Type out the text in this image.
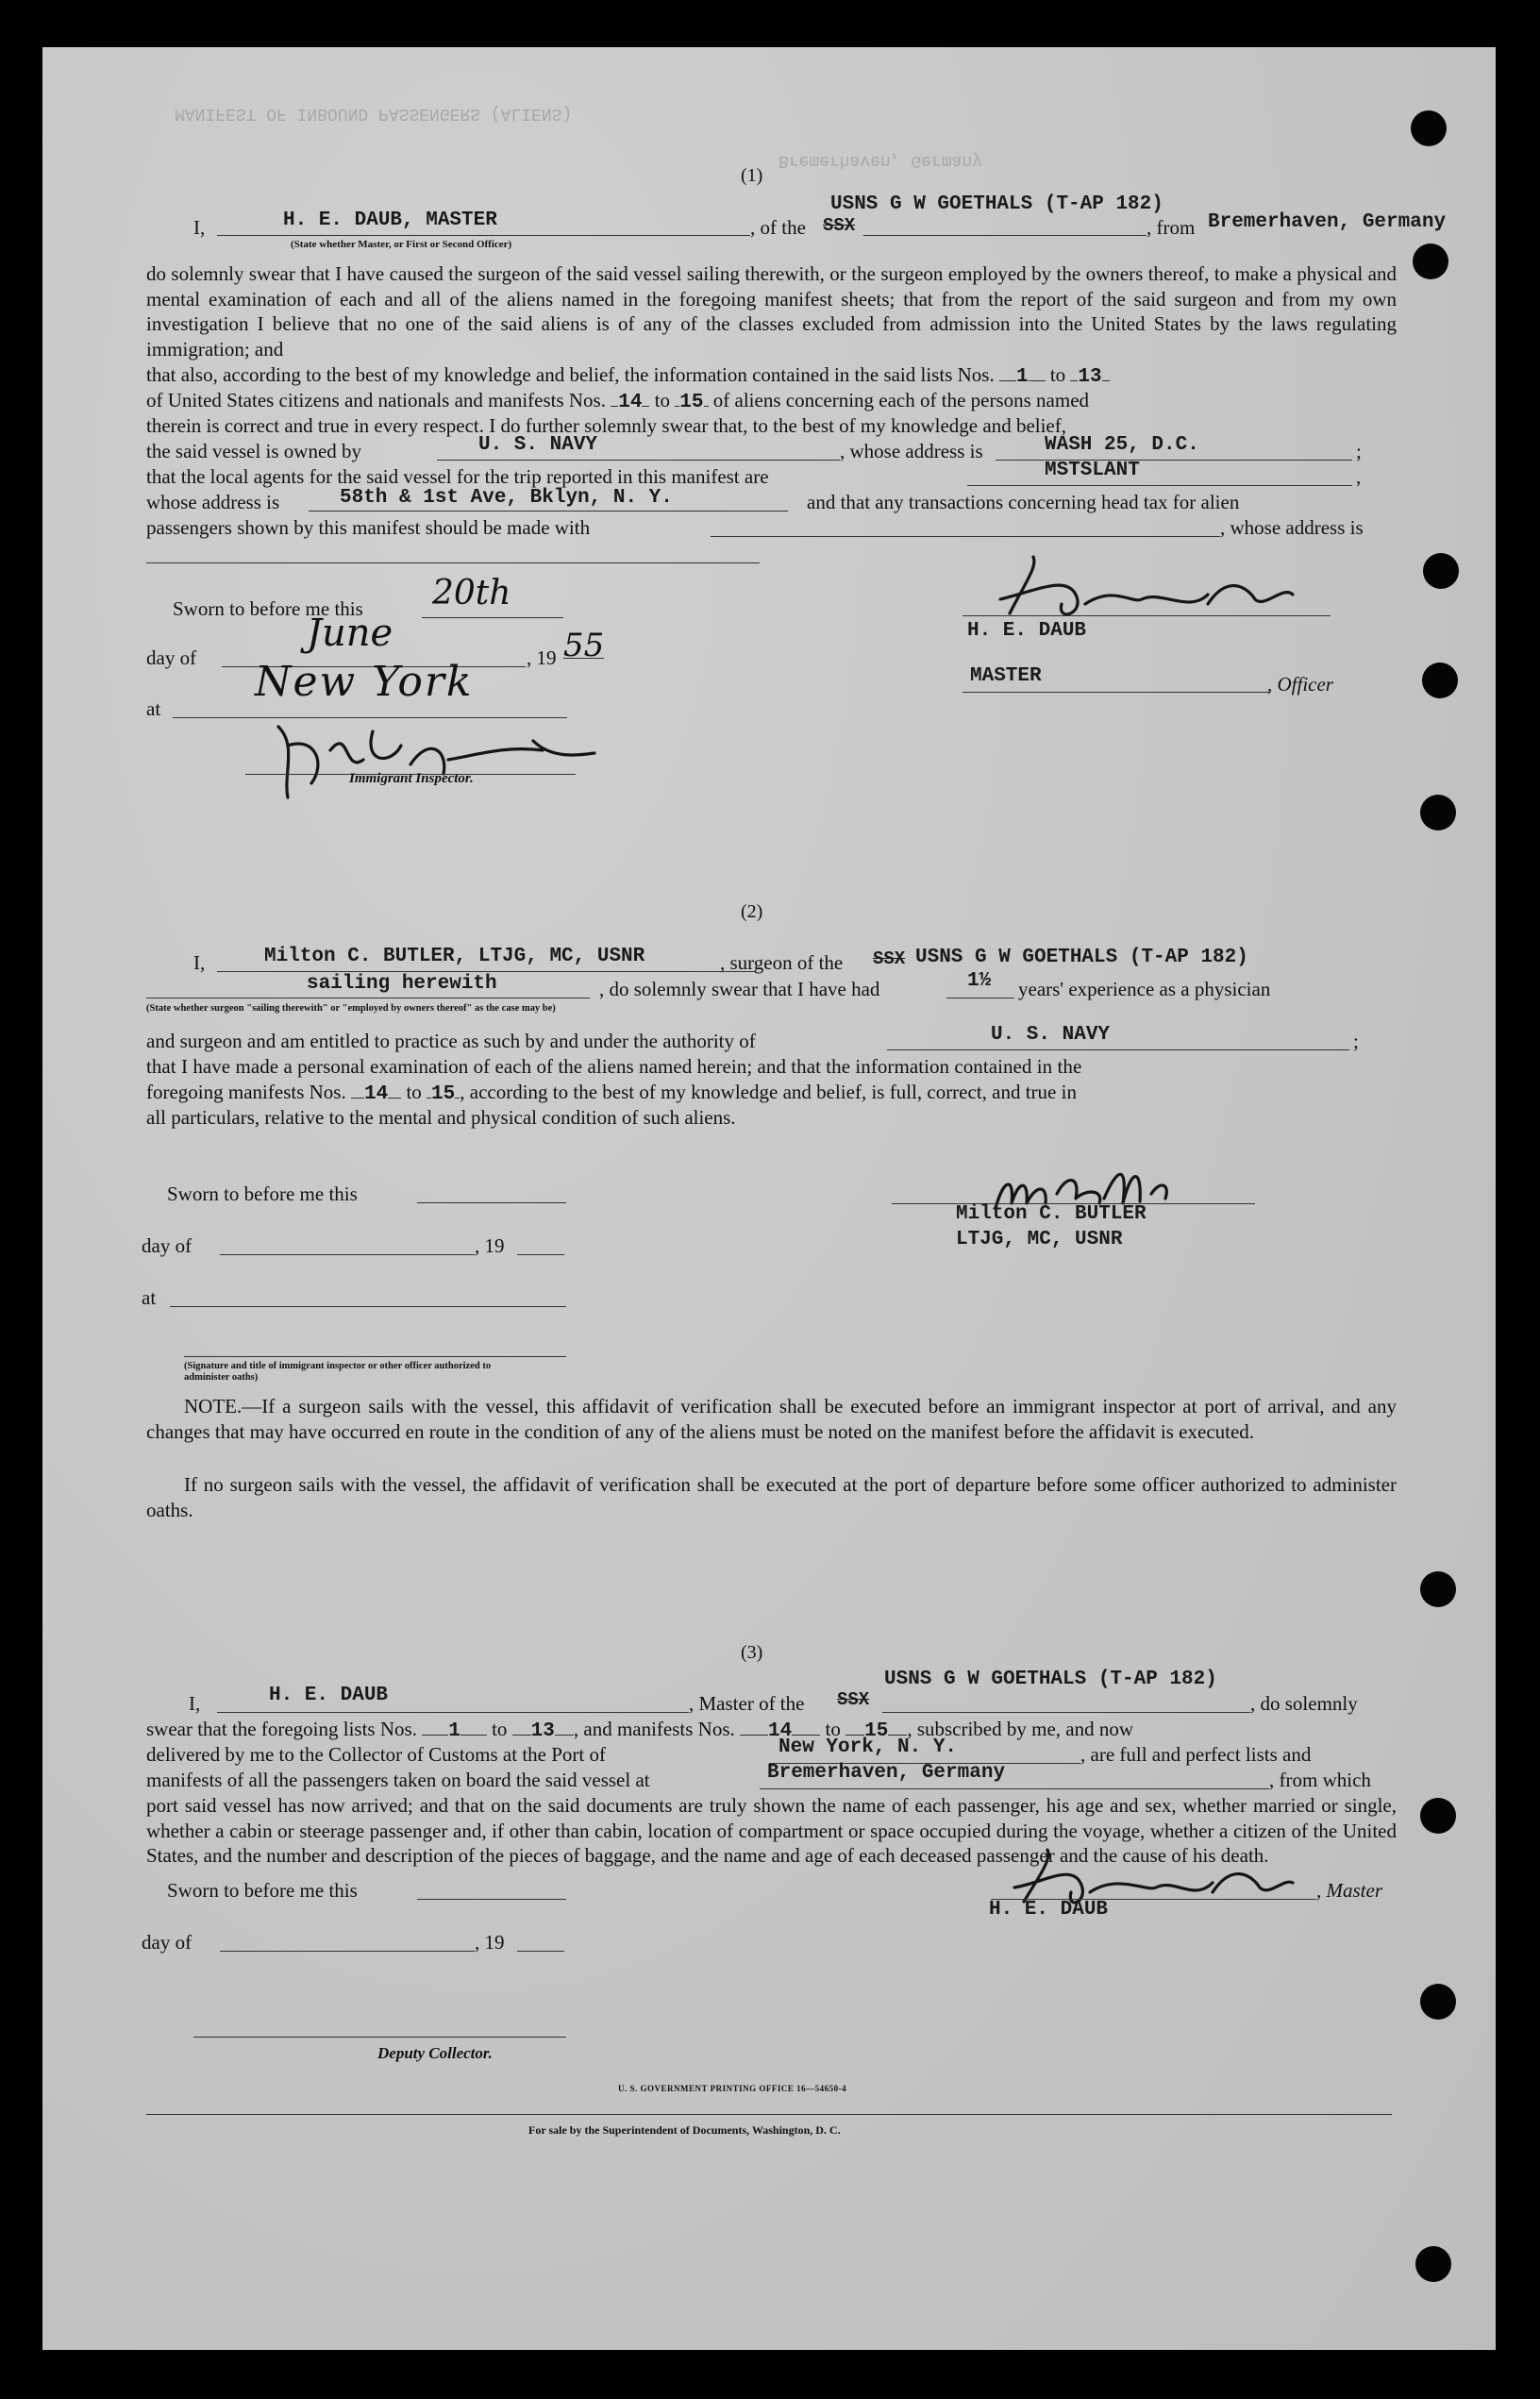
MANIFEST OF INBOUND PASSENGERS (ALIENS)
Bremerhaven, Germany
(1)
I,	H. E. DAUB, MASTER
(State whether Master, or First or Second Officer)
, of the SSX
USNS G W GOETHALS (T-AP 182)
, from Bremerhaven, Germany
do solemnly swear that I have caused the surgeon of the said vessel sailing therewith, or the surgeon employed by the owners thereof, to make a physical and mental examination of each and all of the aliens named in the foregoing manifest sheets; that from the report of the said surgeon and from my own investigation I believe that no one of the said aliens is of any of the classes excluded from admission into the United States by the laws regulating immigration; and
that also, according to the best of my knowledge and belief, the information contained in the said lists Nos. 1 to 13
of United States citizens and nationals and manifests Nos. 14 to 15 of aliens concerning each of the persons named
therein is correct and true in every respect. I do further solemnly swear that, to the best of my knowledge and belief,
the said vessel is owned by	U. S. NAVY	, whose address is	WASH 25, D.C.	;
that the local agents for the said vessel for the trip reported in this manifest are	MSTSLANT	,
whose address is	58th & 1st Ave, Bklyn, N. Y.	and that any transactions concerning head tax for alien
passengers shown by this manifest should be made with	, whose address is
Sworn to before me this 20th
day of
June
, 19 55
at
New York
Immigrant Inspector.
H. E. DAUB
MASTER	, Officer
(2)
I,	Milton C. BUTLER, LTJG, MC, USNR	, surgeon of the SSX USNS G W GOETHALS (T-AP 182)
sailing herewith	, do solemnly swear that I have had	1½ years' experience as a physician
(State whether surgeon "sailing therewith" or "employed by owners thereof" as the case may be)
and surgeon and am entitled to practice as such by and under the authority of	U. S. NAVY	;
that I have made a personal examination of each of the aliens named herein; and that the information contained in the
foregoing manifests Nos. 14 to 15 , according to the best of my knowledge and belief, is full, correct, and true in
all particulars, relative to the mental and physical condition of such aliens.
Sworn to before me this
day of	, 19
at
(Signature and title of immigrant inspector or other officer authorized to administer oaths)
Milton C. BUTLER
LTJG, MC, USNR
NOTE.—If a surgeon sails with the vessel, this affidavit of verification shall be executed before an immigrant inspector at port of arrival, and any changes that may have occurred en route in the condition of any of the aliens must be noted on the manifest before the affidavit is executed.
If no surgeon sails with the vessel, the affidavit of verification shall be executed at the port of departure before some officer authorized to administer oaths.
(3)
I,	H. E. DAUB	, Master of the SSX
USNS G W GOETHALS (T-AP 182)
, do solemnly
swear that the foregoing lists Nos. 1 to 13 , and manifests Nos. 14 to 15 , subscribed by me, and now
delivered by me to the Collector of Customs at the Port of	New York, N. Y.	, are full and perfect lists and
manifests of all the passengers taken on board the said vessel at	Bremerhaven, Germany	, from which
port said vessel has now arrived; and that on the said documents are truly shown the name of each passenger, his age and sex, whether married or single, whether a cabin or steerage passenger and, if other than cabin, location of compartment or space occupied during the voyage, whether a citizen of the United States, and the number and description of the pieces of baggage, and the name and age of each deceased passenger and the cause of his death.
Sworn to before me this	, Master
H. E. DAUB
day of	, 19
Deputy Collector.
U. S. GOVERNMENT PRINTING OFFICE 16—54650-4
For sale by the Superintendent of Documents, Washington, D. C.
